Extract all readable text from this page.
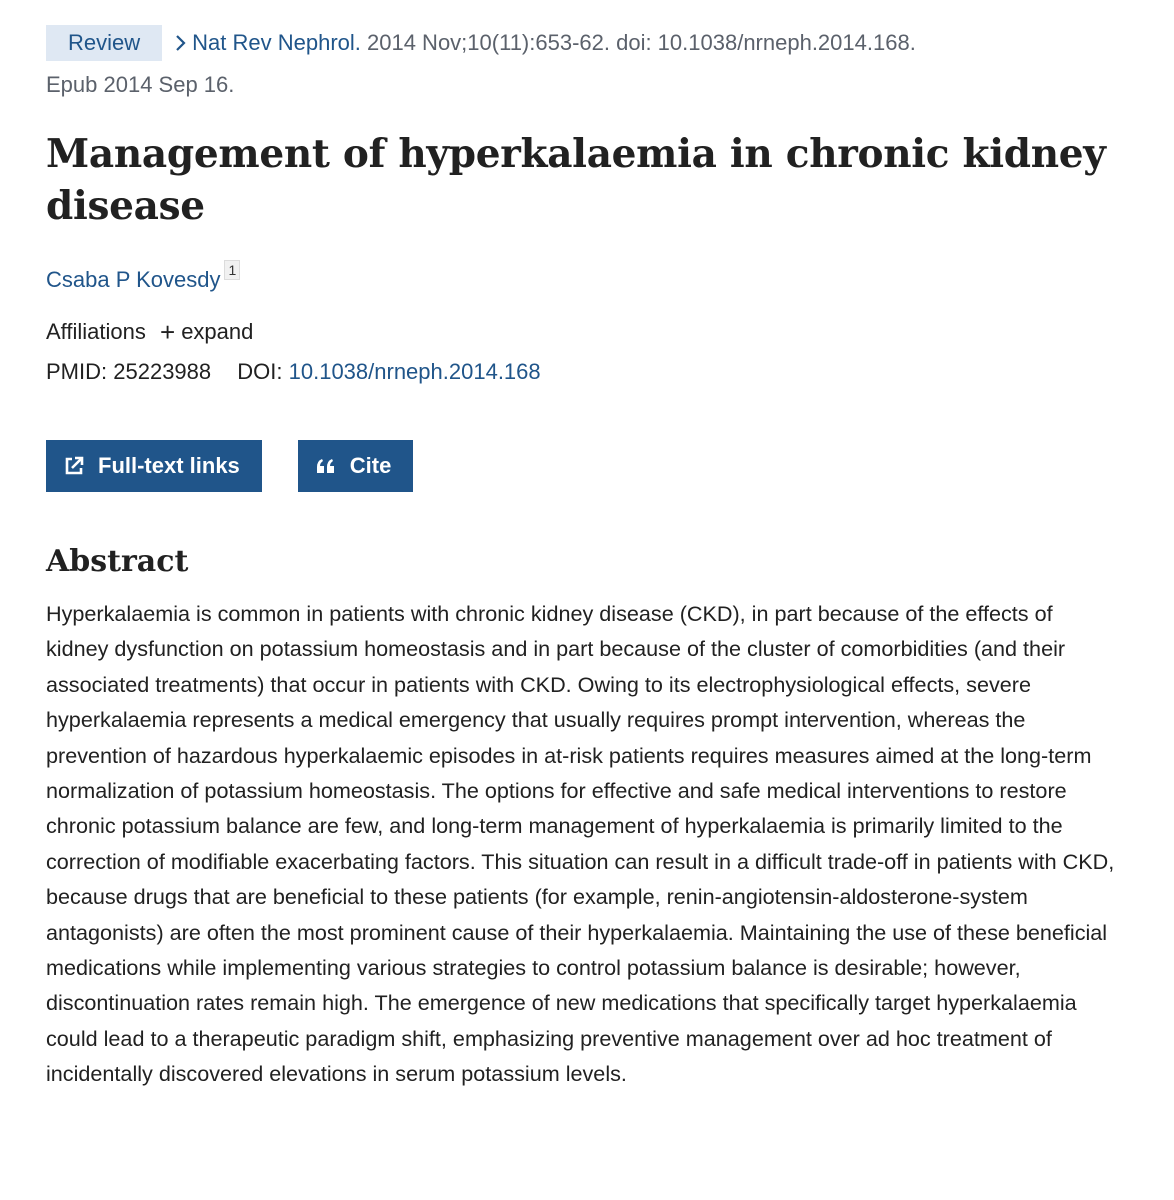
Review Nat Rev Nephrol. 2014 Nov;10(11):653-62. doi: 10.1038/nrneph.2014.168.
Epub 2014 Sep 16.
Management of hyperkalaemia in chronic kidney disease
Csaba P Kovesdy 1
Affiliations + expand
PMID: 25223988 DOI: 10.1038/nrneph.2014.168
Full-text links	Cite
Abstract

Hyperkalaemia is common in patients with chronic kidney disease (CKD), in part because of the effects of kidney dysfunction on potassium homeostasis and in part because of the cluster of comorbidities (and their associated treatments) that occur in patients with CKD. Owing to its electrophysiological effects, severe hyperkalaemia represents a medical emergency that usually requires prompt intervention, whereas the prevention of hazardous hyperkalaemic episodes in at-risk patients requires measures aimed at the long-term normalization of potassium homeostasis. The options for effective and safe medical interventions to restore chronic potassium balance are few, and long-term management of hyperkalaemia is primarily limited to the correction of modifiable exacerbating factors. This situation can result in a difficult trade-off in patients with CKD, because drugs that are beneficial to these patients (for example, renin-angiotensin-aldosterone-system antagonists) are often the most prominent cause of their hyperkalaemia. Maintaining the use of these beneficial medications while implementing various strategies to control potassium balance is desirable; however, discontinuation rates remain high. The emergence of new medications that specifically target hyperkalaemia could lead to a therapeutic paradigm shift, emphasizing preventive management over ad hoc treatment of incidentally discovered elevations in serum potassium levels.
